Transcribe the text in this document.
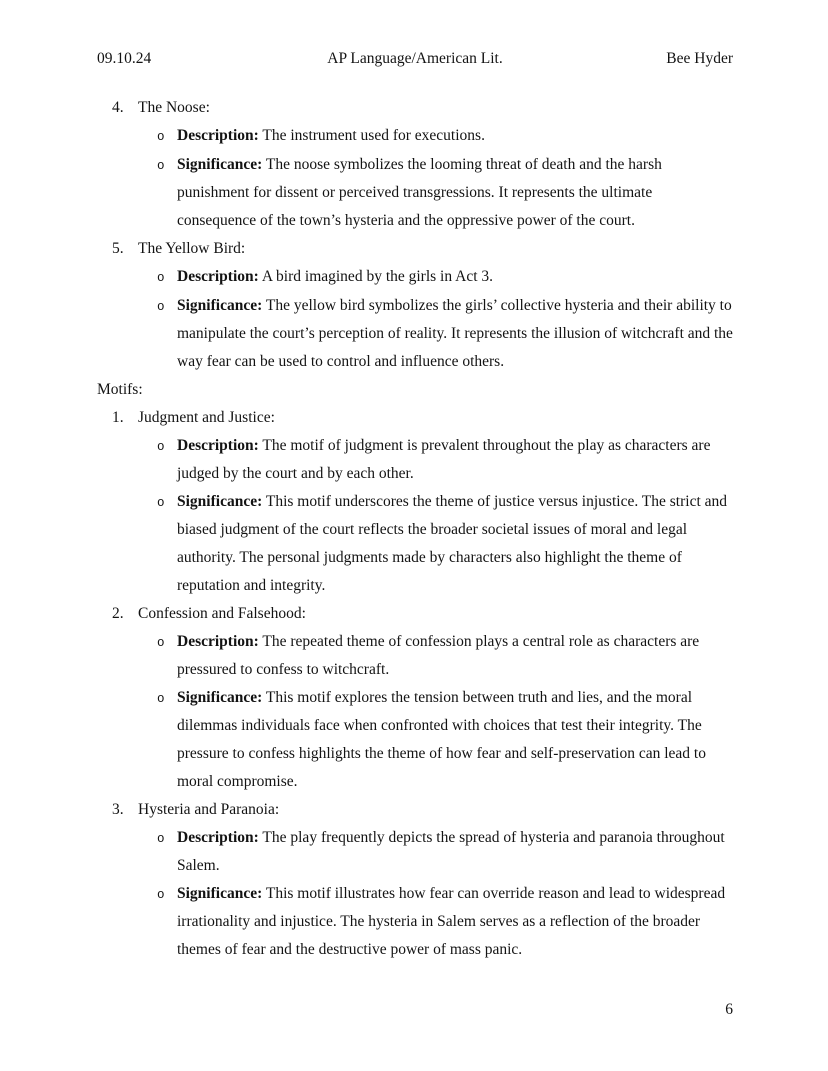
09.10.24	AP Language/American Lit.	Bee Hyder
4. The Noose:
o Description: The instrument used for executions.

o Significance: The noose symbolizes the looming threat of death and the harsh punishment for dissent or perceived transgressions. It represents the ultimate consequence of the town’s hysteria and the oppressive power of the court.

5. The Yellow Bird:
o Description: A bird imagined by the girls in Act 3.

o Significance: The yellow bird symbolizes the girls’ collective hysteria and their ability to manipulate the court’s perception of reality. It represents the illusion of witchcraft and the way fear can be used to control and influence others.

Motifs:
1. Judgment and Justice:
o Description: The motif of judgment is prevalent throughout the play as characters are judged by the court and by each other.

o Significance: This motif underscores the theme of justice versus injustice. The strict and biased judgment of the court reflects the broader societal issues of moral and legal authority. The personal judgments made by characters also highlight the theme of reputation and integrity.

2. Confession and Falsehood:
o Description: The repeated theme of confession plays a central role as characters are pressured to confess to witchcraft.

o Significance: This motif explores the tension between truth and lies, and the moral dilemmas individuals face when confronted with choices that test their integrity. The pressure to confess highlights the theme of how fear and self-preservation can lead to moral compromise.

3. Hysteria and Paranoia:
o Description: The play frequently depicts the spread of hysteria and paranoia throughout Salem.

o Significance: This motif illustrates how fear can override reason and lead to widespread irrationality and injustice. The hysteria in Salem serves as a reflection of the broader themes of fear and the destructive power of mass panic.

6
